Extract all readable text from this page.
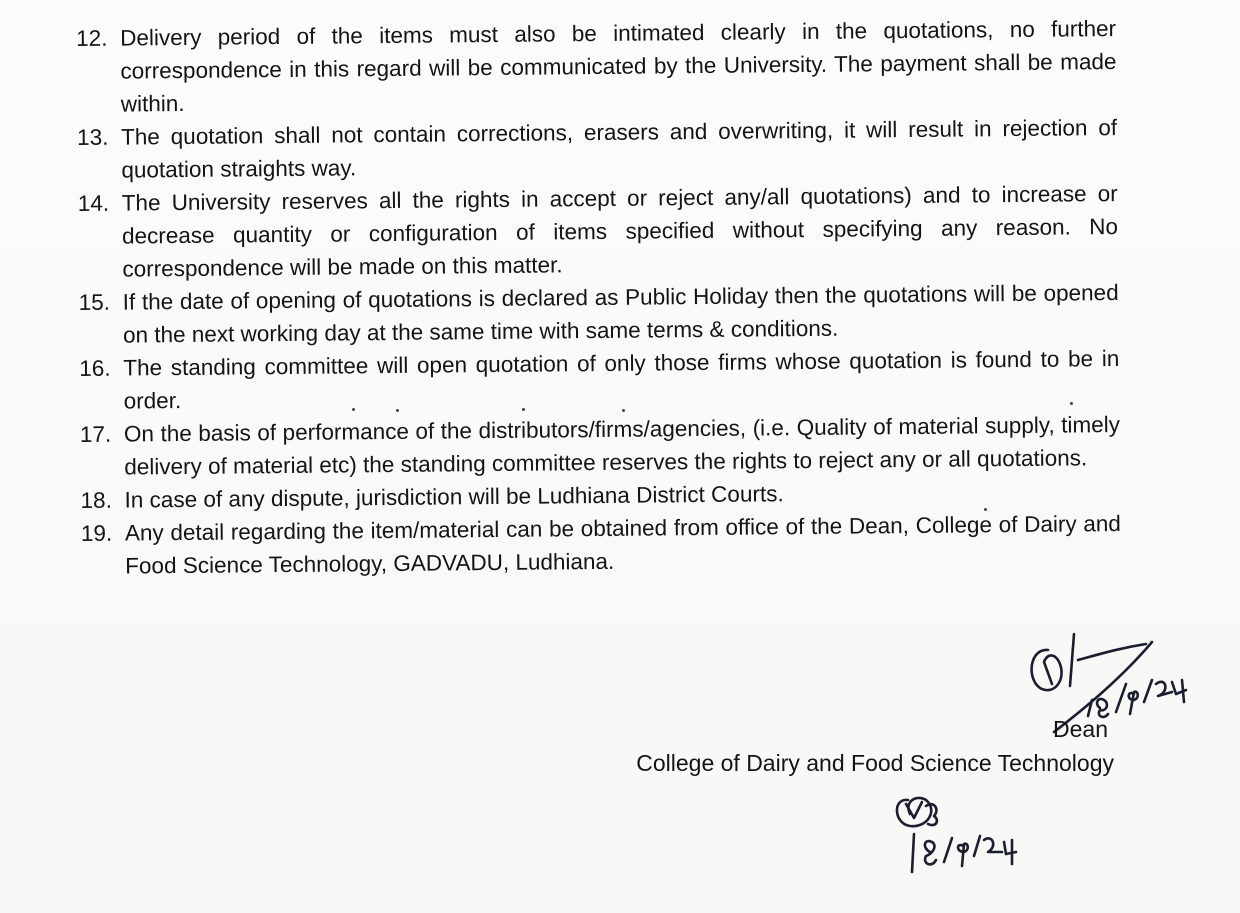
12. Delivery period of the items must also be intimated clearly in the quotations, no further correspondence in this regard will be communicated by the University. The payment shall be made within.
13. The quotation shall not contain corrections, erasers and overwriting, it will result in rejection of quotation straights way.
14. The University reserves all the rights in accept or reject any/all quotations) and to increase or decrease quantity or configuration of items specified without specifying any reason. No correspondence will be made on this matter.
15. If the date of opening of quotations is declared as Public Holiday then the quotations will be opened on the next working day at the same time with same terms & conditions.
16. The standing committee will open quotation of only those firms whose quotation is found to be in order.
17. On the basis of performance of the distributors/firms/agencies, (i.e. Quality of material supply, timely delivery of material etc) the standing committee reserves the rights to reject any or all quotations.
18. In case of any dispute, jurisdiction will be Ludhiana District Courts.
19. Any detail regarding the item/material can be obtained from office of the Dean, College of Dairy and Food Science Technology, GADVADU, Ludhiana.
Dean
College of Dairy and Food Science Technology
